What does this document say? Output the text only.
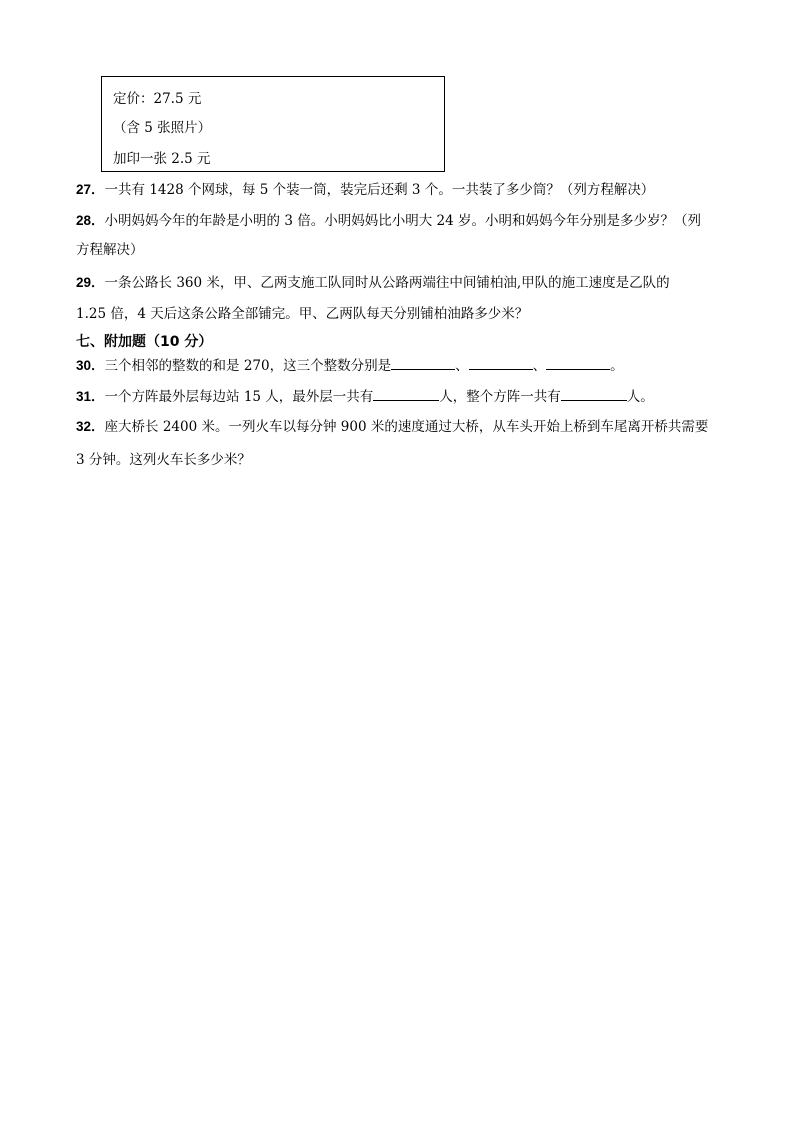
定价：27.5 元
（含 5 张照片）
加印一张 2.5 元
27．一共有 1428 个网球，每 5 个装一筒，装完后还剩 3 个。一共装了多少筒？（列方程解决）
28．小明妈妈今年的年龄是小明的 3 倍。小明妈妈比小明大 24 岁。小明和妈妈今年分别是多少岁？（列
方程解决）
29．一条公路长 360 米，甲、乙两支施工队同时从公路两端往中间铺柏油,甲队的施工速度是乙队的
1.25 倍，4 天后这条公路全部铺完。甲、乙两队每天分别铺柏油路多少米？
七、附加题（10 分）
30．三个相邻的整数的和是 270，这三个整数分别是	、	、	。
31．一个方阵最外层每边站 15 人，最外层一共有	人，整个方阵一共有	人。
32．座大桥长 2400 米。一列火车以每分钟 900 米的速度通过大桥，从车头开始上桥到车尾离开桥共需要
3 分钟。这列火车长多少米？
